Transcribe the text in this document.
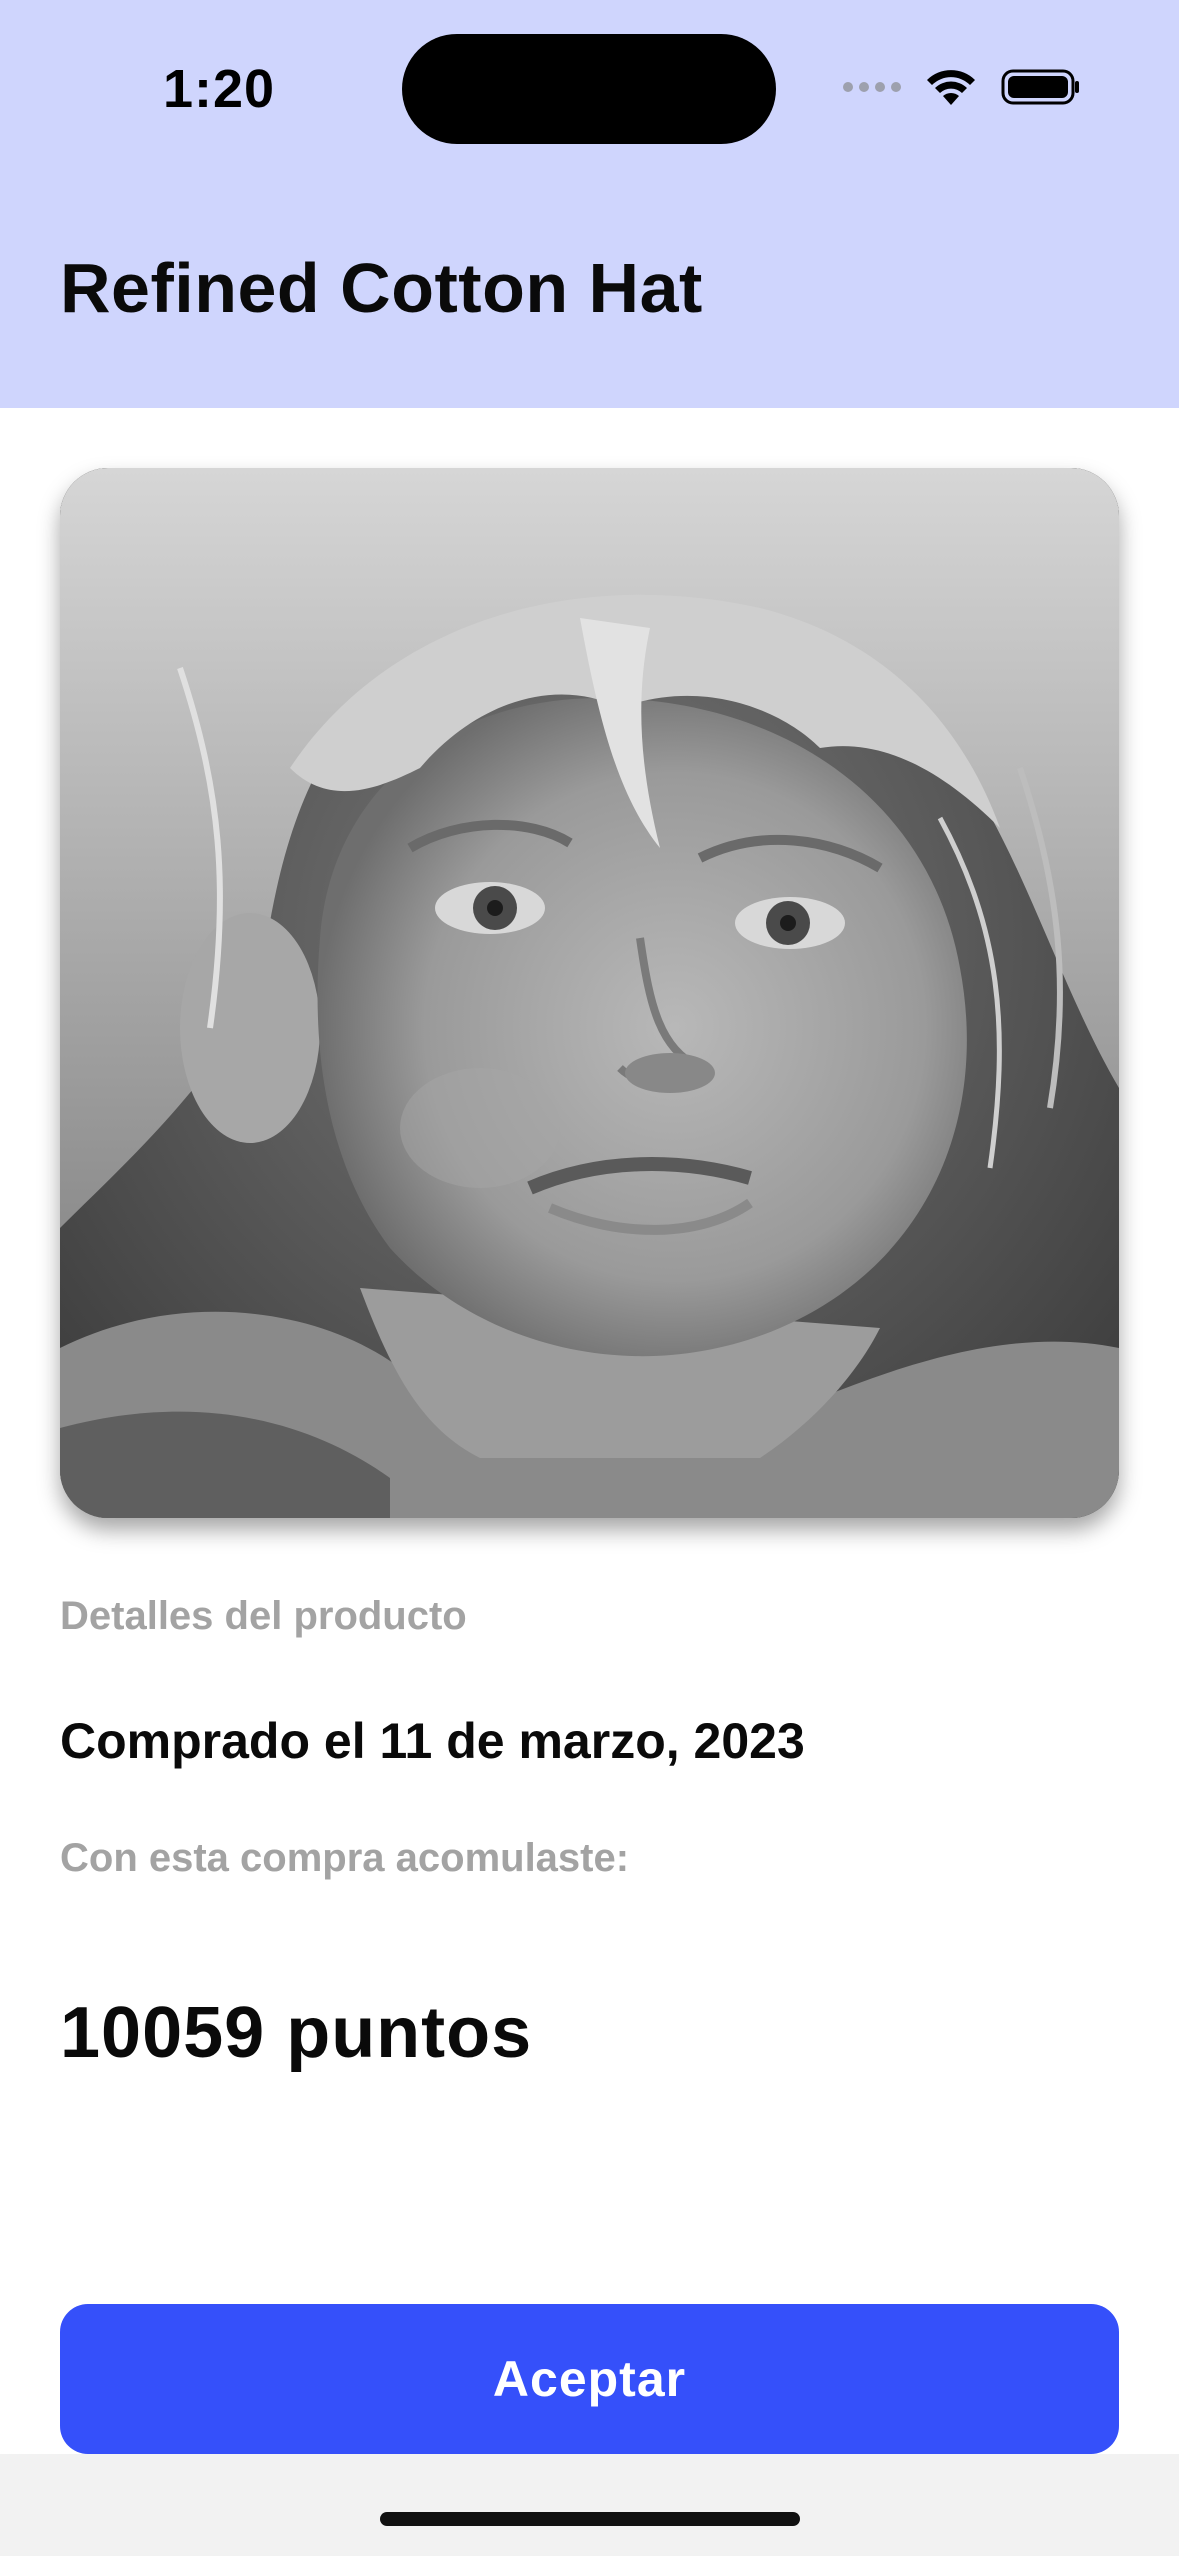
1:20
Refined Cotton Hat
Detalles del producto
Comprado el 11 de marzo, 2023
Con esta compra acomulaste:
10059 puntos
Aceptar
